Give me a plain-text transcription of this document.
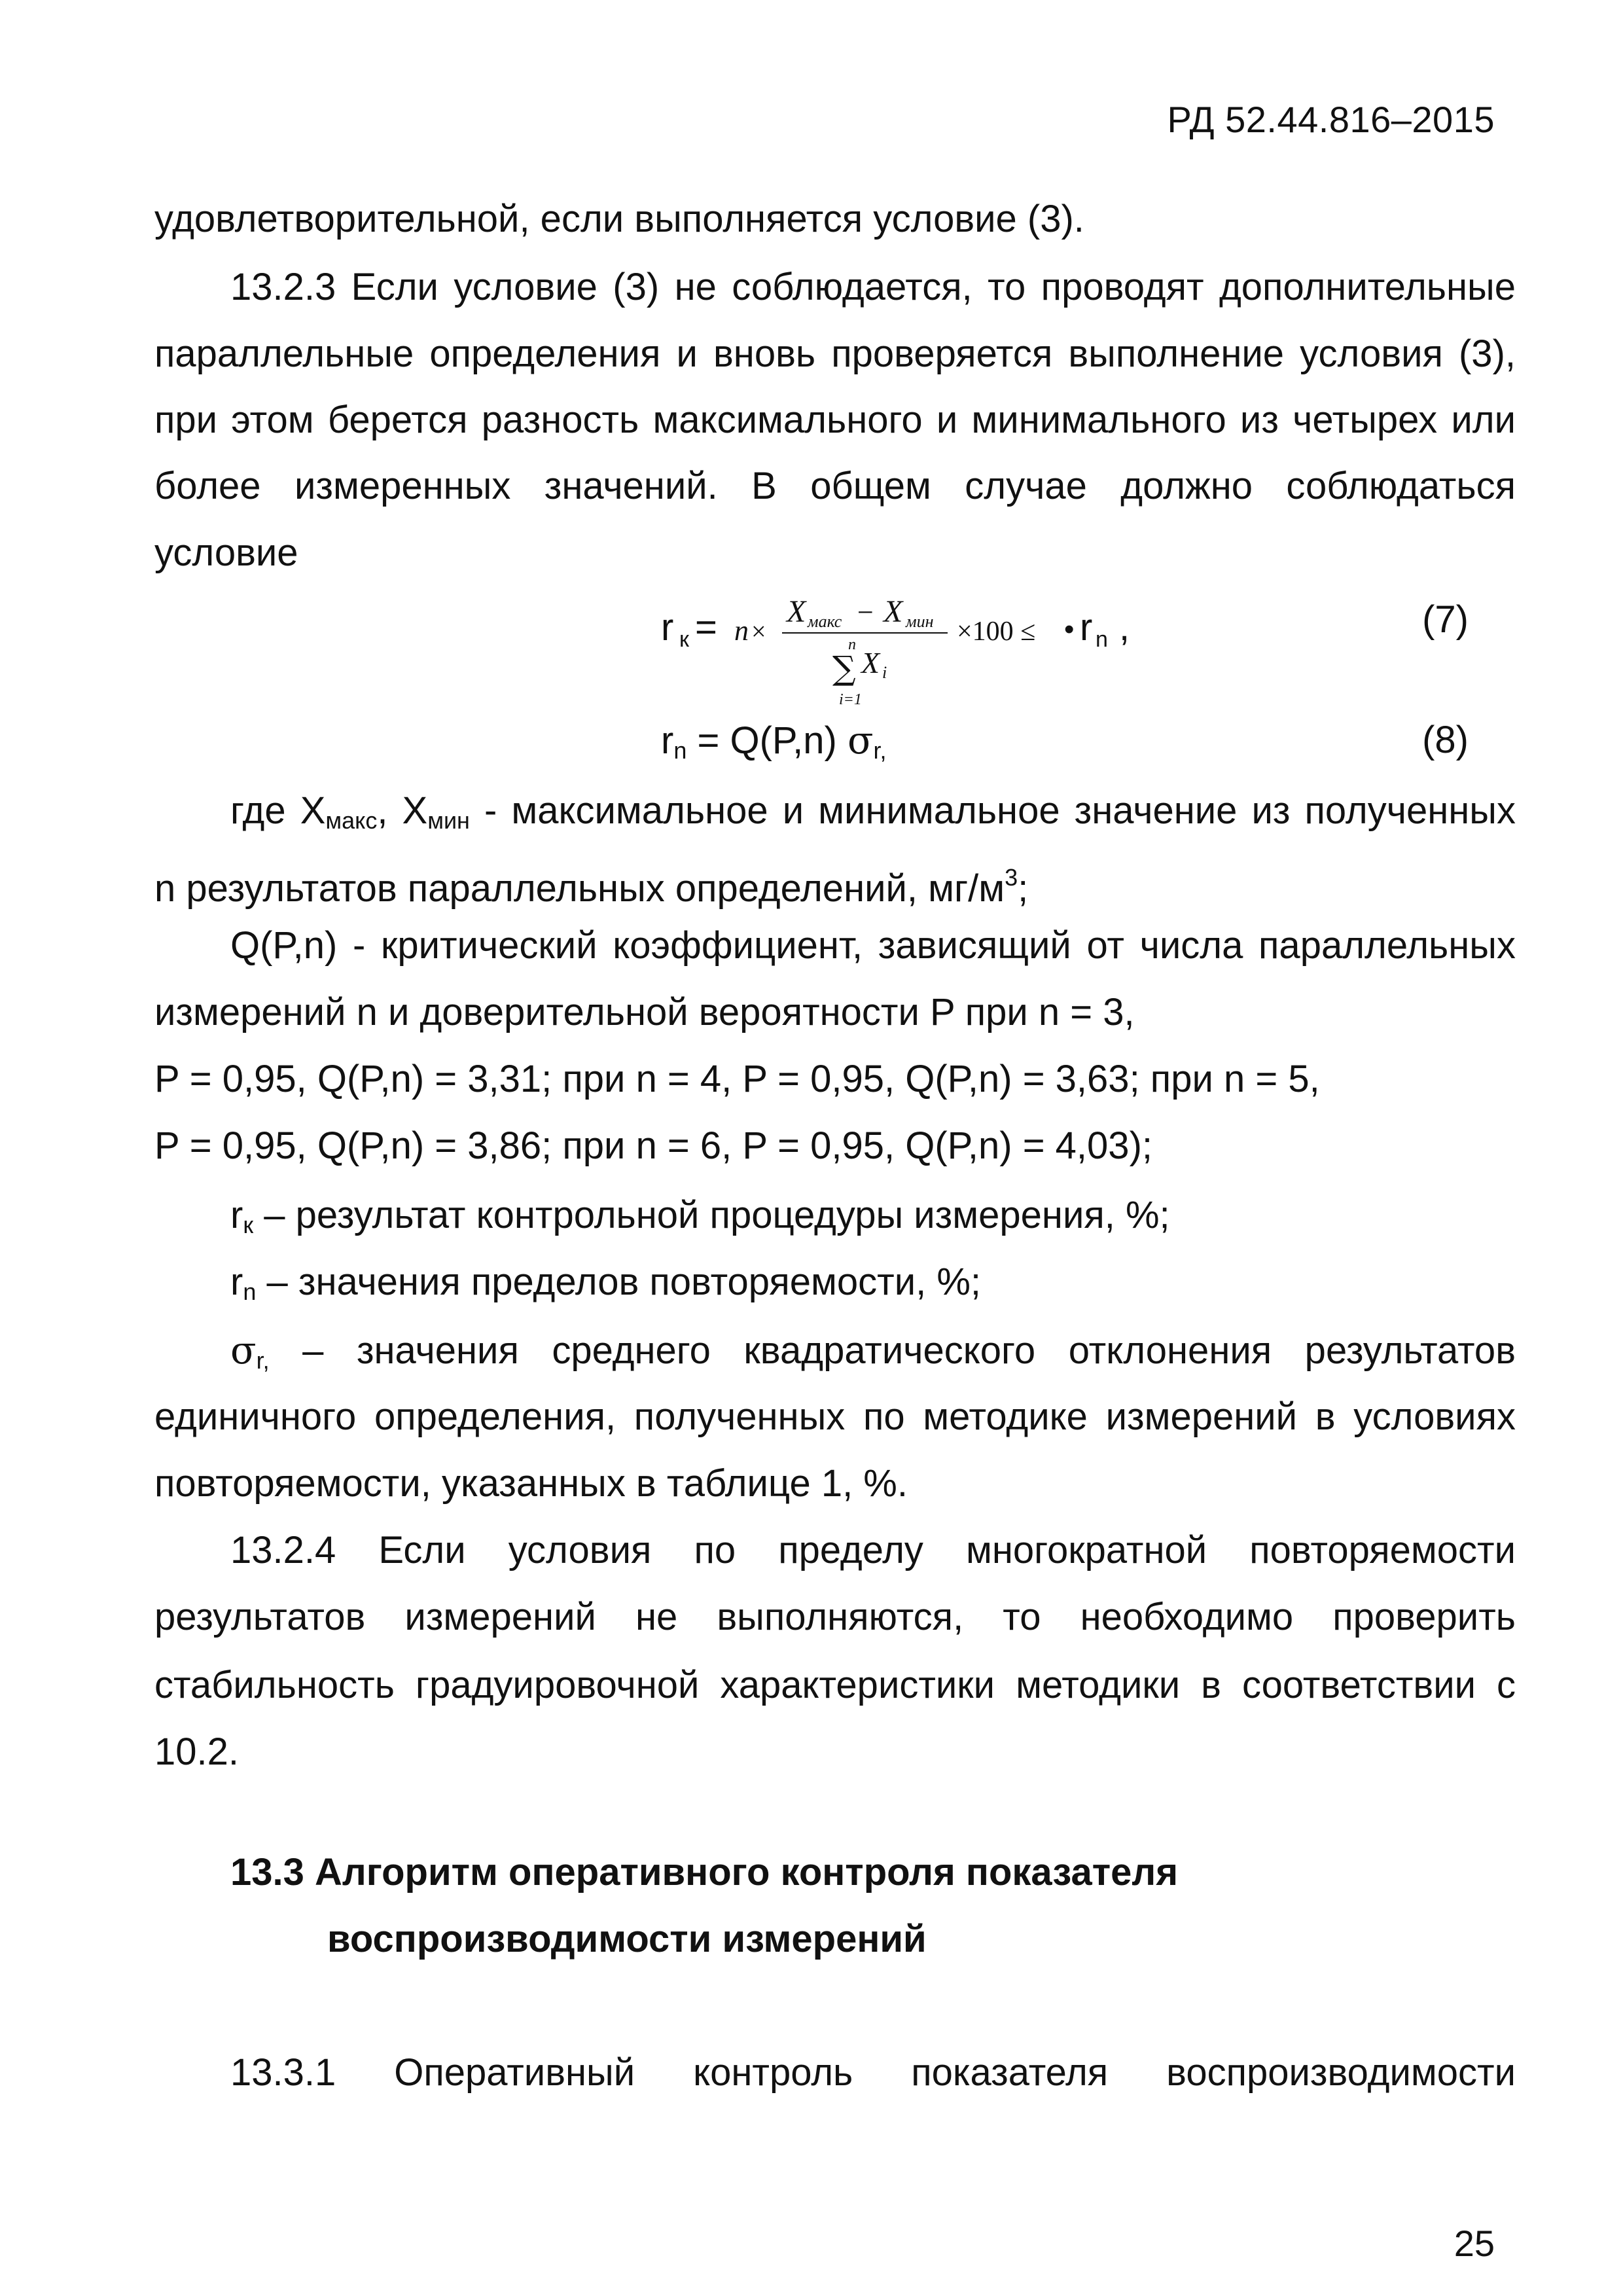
РД 52.44.816–2015
удовлетворительной, если выполняется условие (3).
13.2.3 Если условие (3) не соблюдается, то проводят дополнительные
параллельные определения и вновь проверяется выполнение условия (3),
при этом берется разность максимального и минимального из четырех или
более измеренных значений. В общем случае должно соблюдаться
условие
r к = n ×
X макс − X мин
n
∑ X i
i=1
×100 ≤ • r n ,	(7)
$r_n = Q(P,n)$ $\sigma_{r,}$	(8)
где $X_{макс}$, $X_{мин}$ - максимальное и минимальное значение из полученных
n результатов параллельных определений, $мг/м^3$;
Q(P,n) - критический коэффициент, зависящий от числа параллельных
измерений n и доверительной вероятности P при n = 3,
P = 0,95, Q(P,n) = 3,31; при n = 4, P = 0,95, Q(P,n) = 3,63; при n = 5,
P = 0,95, Q(P,n) = 3,86; при n = 6, P = 0,95, Q(P,n) = 4,03);
$r_к$ – результат контрольной процедуры измерения, %;
$r_n$ – значения пределов повторяемости, %;
$\sigma_{r,}$ – значения среднего квадратического отклонения результатов
единичного определения, полученных по методике измерений в условиях
повторяемости, указанных в таблице 1, %.
13.2.4 Если условия по пределу многократной повторяемости
результатов измерений не выполняются, то необходимо проверить
стабильность градуировочной характеристики методики в соответствии с
10.2.
13.3 Алгоритм оперативного контроля показателя
воспроизводимости измерений
13.3.1 Оперативный контроль показателя воспроизводимости
25
